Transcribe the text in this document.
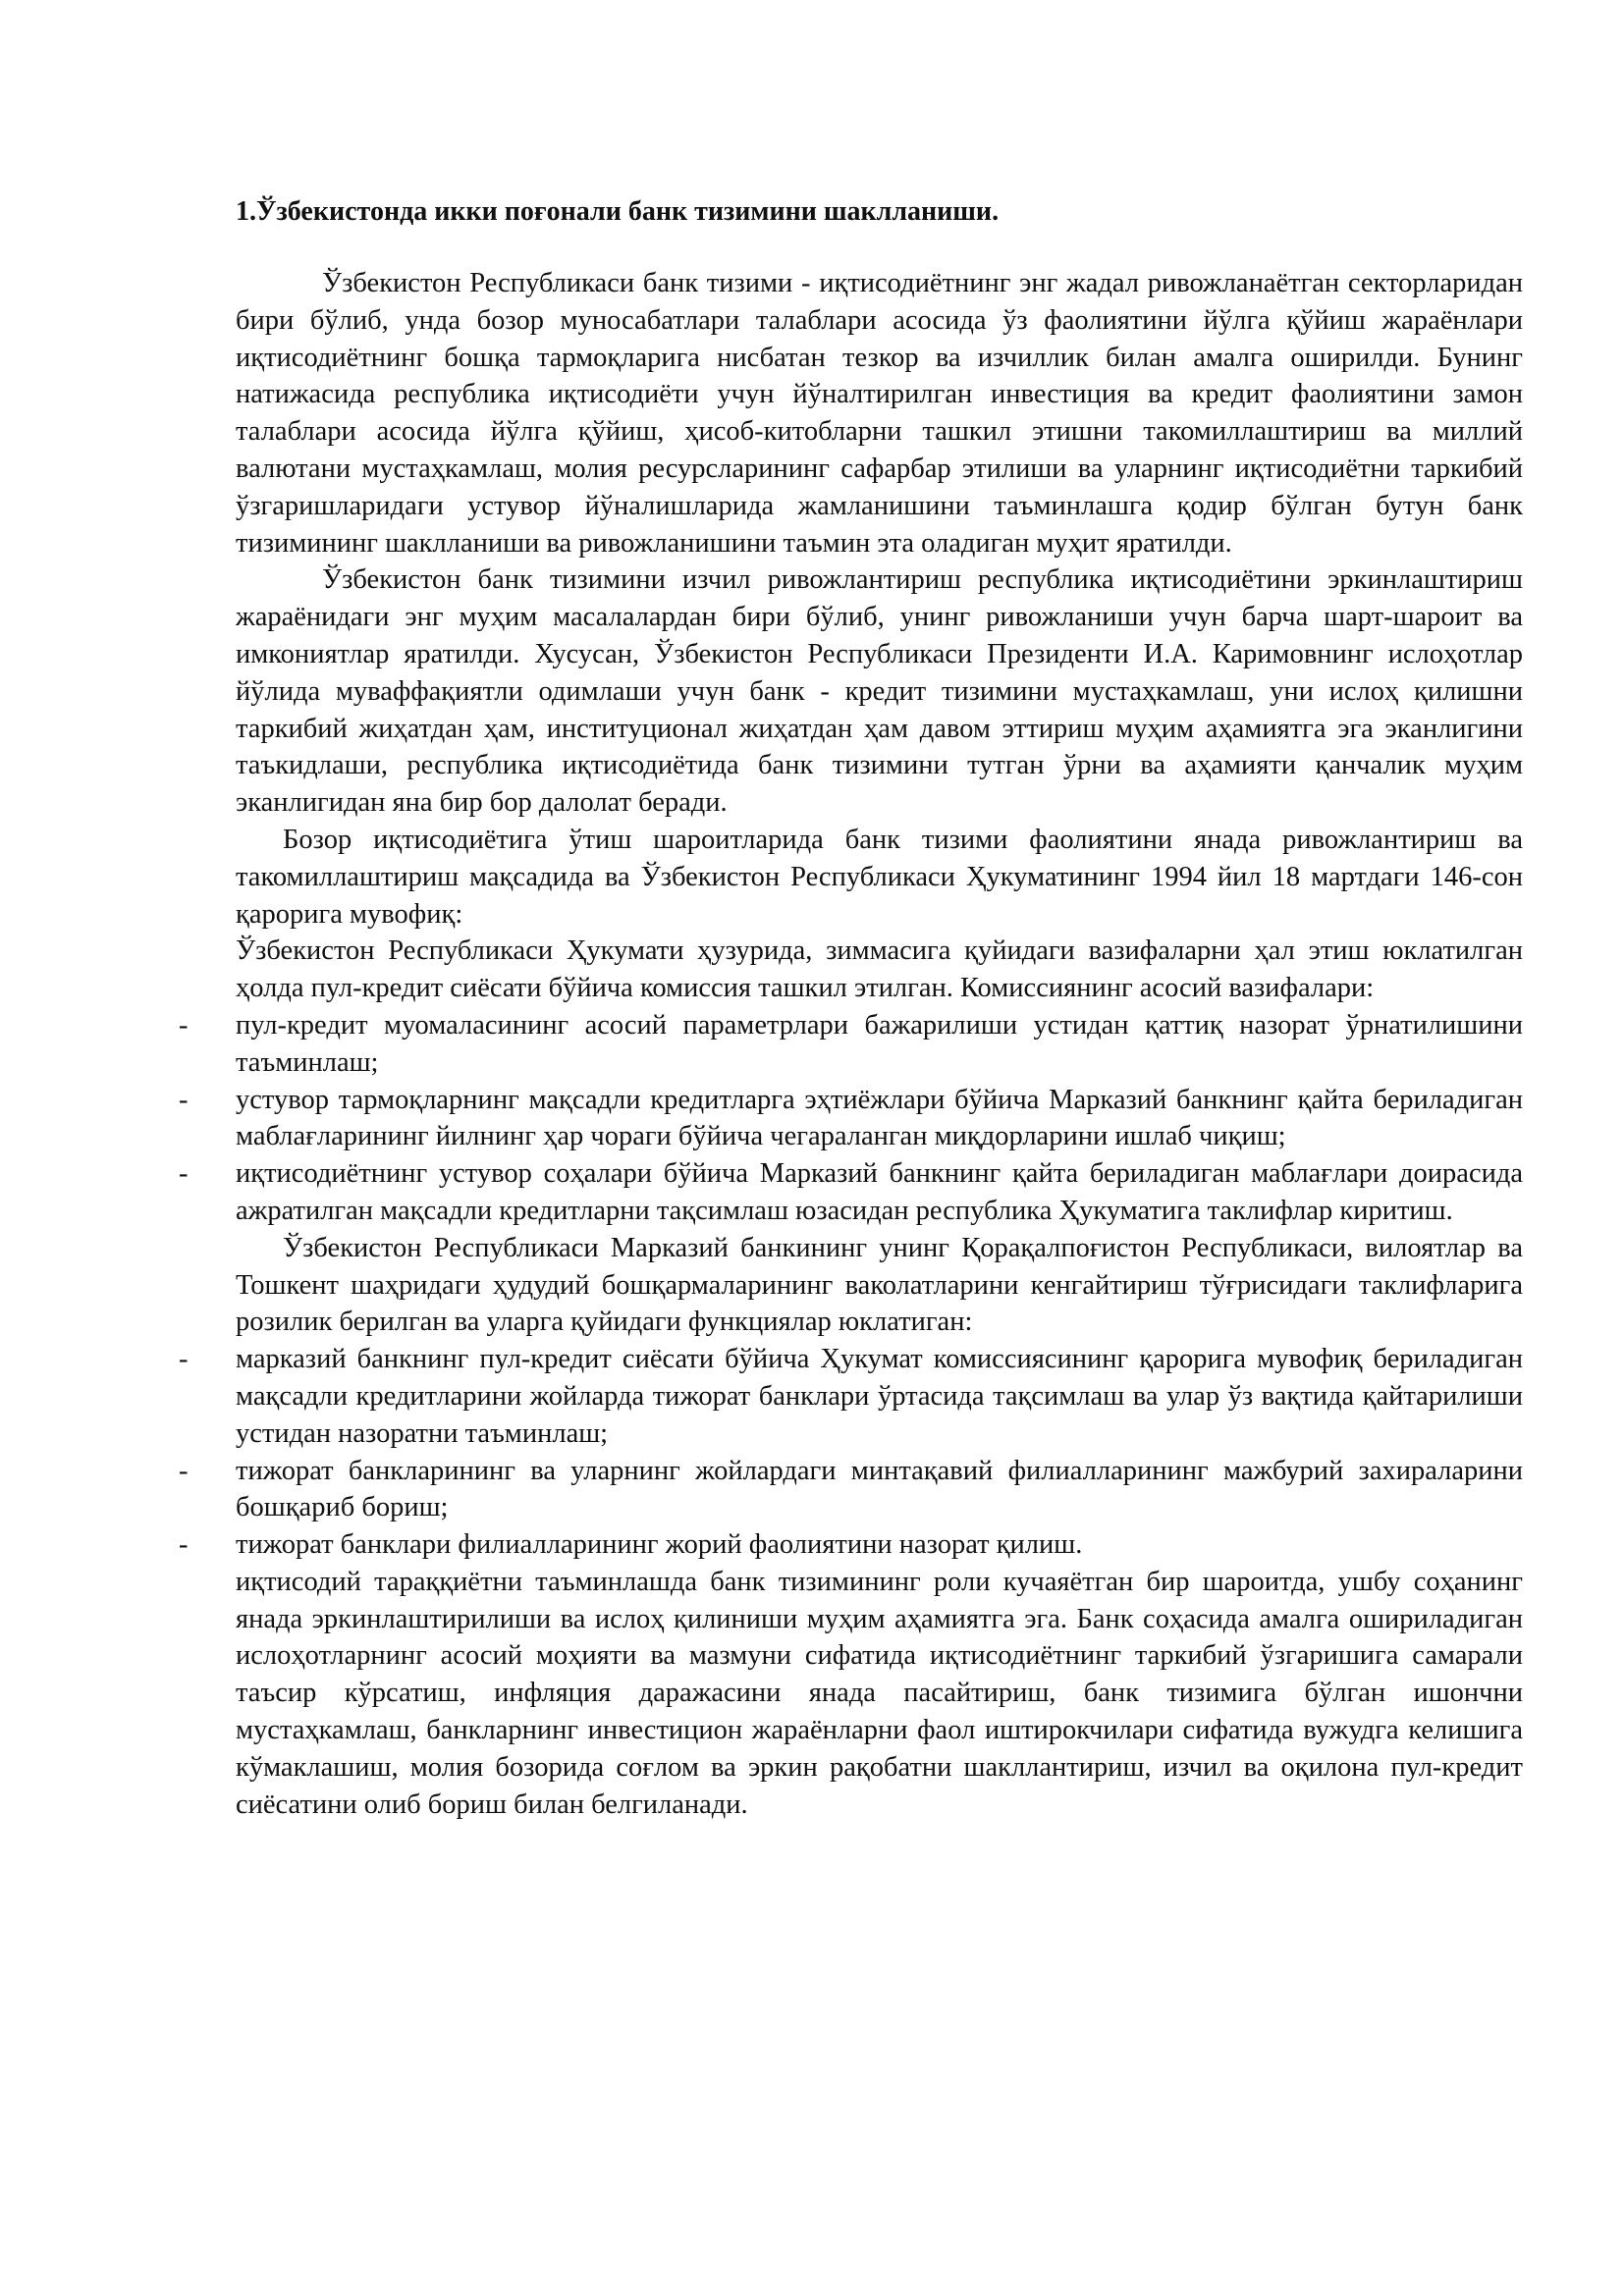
1.Ўзбекистонда икки поғонали банк тизимини шаклланиши.

Ўзбекистон Республикаси банк тизими - иқтисодиётнинг энг жадал ривожланаётган секторларидан бири бўлиб, унда бозор муносабатлари талаблари асосида ўз фаолиятини йўлга қўйиш жараёнлари иқтисодиётнинг бошқа тармоқларига нисбатан тезкор ва изчиллик билан амалга оширилди. Бунинг натижасида республика иқтисодиёти учун йўналтирилган инвестиция ва кредит фаолиятини замон талаблари асосида йўлга қўйиш, ҳисоб-китобларни ташкил этишни такомиллаштириш ва миллий валютани мустаҳкамлаш, молия ресурсларининг сафарбар этилиши ва уларнинг иқтисодиётни таркибий ўзгаришларидаги устувор йўналишларида жамланишини таъминлашга қодир бўлган бутун банк тизимининг шаклланиши ва ривожланишини таъмин эта оладиган муҳит яратилди.

Ўзбекистон банк тизимини изчил ривожлантириш республика иқтисодиётини эркинлаштириш жараёнидаги энг муҳим масалалардан бири бўлиб, унинг ривожланиши учун барча шарт-шароит ва имкониятлар яратилди. Хусусан, Ўзбекистон Республикаси Президенти И.А. Каримовнинг ислоҳотлар йўлида муваффақиятли одимлаши учун банк - кредит тизимини мустаҳкамлаш, уни ислоҳ қилишни таркибий жиҳатдан ҳам, институционал жиҳатдан ҳам давом эттириш муҳим аҳамиятга эга эканлигини таъкидлаши, республика иқтисодиётида банк тизимини тутган ўрни ва аҳамияти қанчалик муҳим эканлигидан яна бир бор далолат беради.

Бозор иқтисодиётига ўтиш шароитларида банк тизими фаолиятини янада ривожлантириш ва такомиллаштириш мақсадида ва Ўзбекистон Республикаси Ҳукуматининг 1994 йил 18 мартдаги 146-сон қарорига мувофиқ:

Ўзбекистон Республикаси Ҳукумати ҳузурида, зиммасига қуйидаги вазифаларни ҳал этиш юклатилган ҳолда пул-кредит сиёсати бўйича комиссия ташкил этилган. Комиссиянинг асосий вазифалари:

- пул-кредит муомаласининг асосий параметрлари бажарилиши устидан қаттиқ назорат ўрнатилишини таъминлаш;

- устувор тармоқларнинг мақсадли кредитларга эҳтиёжлари бўйича Марказий банкнинг қайта бериладиган маблағларининг йилнинг ҳар чораги бўйича чегараланган миқдорларини ишлаб чиқиш;

- иқтисодиётнинг устувор соҳалари бўйича Марказий банкнинг қайта бериладиган маблағлари доирасида ажратилган мақсадли кредитларни тақсимлаш юзасидан республика Ҳукуматига таклифлар киритиш.

Ўзбекистон Республикаси Марказий банкининг унинг Қорақалпоғистон Республикаси, вилоятлар ва Тошкент шаҳридаги ҳудудий бошқармаларининг ваколатларини кенгайтириш тўғрисидаги таклифларига розилик берилган ва уларга қуйидаги функциялар юклатиган:

- марказий банкнинг пул-кредит сиёсати бўйича Ҳукумат комиссиясининг қарорига мувофиқ бериладиган мақсадли кредитларини жойларда тижорат банклари ўртасида тақсимлаш ва улар ўз вақтида қайтарилиши устидан назоратни таъминлаш;

- тижорат банкларининг ва уларнинг жойлардаги минтақавий филиалларининг мажбурий захираларини бошқариб бориш;

- тижорат банклари филиалларининг жорий фаолиятини назорат қилиш.

иқтисодий тараққиётни таъминлашда банк тизимининг роли кучаяётган бир шароитда, ушбу соҳанинг янада эркинлаштирилиши ва ислоҳ қилиниши муҳим аҳамиятга эга. Банк соҳасида амалга ошириладиган ислоҳотларнинг асосий моҳияти ва мазмуни сифатида иқтисодиётнинг таркибий ўзгаришига самарали таъсир кўрсатиш, инфляция даражасини янада пасайтириш, банк тизимига бўлган ишончни мустаҳкамлаш, банкларнинг инвестицион жараёнларни фаол иштирокчилари сифатида вужудга келишига кўмаклашиш, молия бозорида соғлом ва эркин рақобатни шакллантириш, изчил ва оқилона пул-кредит сиёсатини олиб бориш билан белгиланади.
